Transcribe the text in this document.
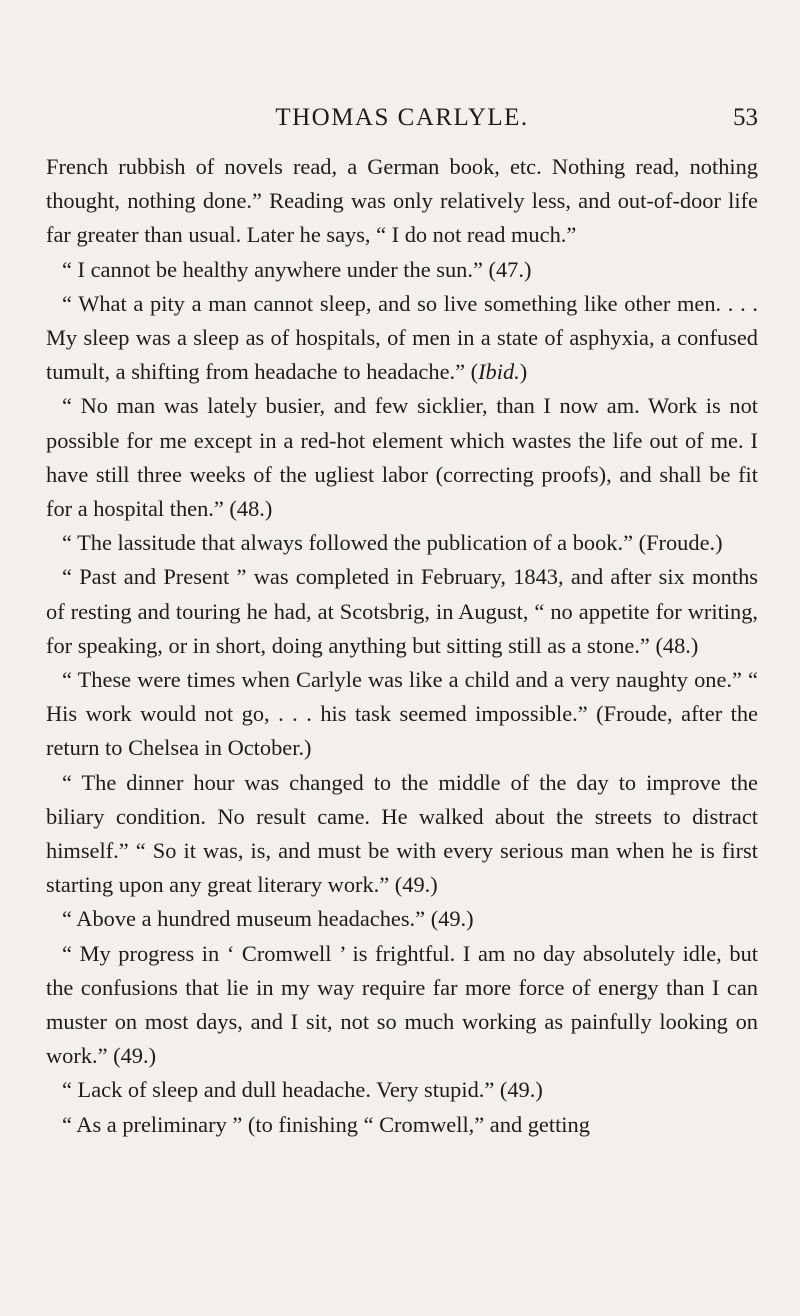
THOMAS CARLYLE.	53

French rubbish of novels read, a German book, etc. Nothing read, nothing thought, nothing done.” Reading was only relatively less, and out-of-door life far greater than usual. Later he says, “ I do not read much.”

“ I cannot be healthy anywhere under the sun.” (47.)

“ What a pity a man cannot sleep, and so live something like other men. . . . My sleep was a sleep as of hospitals, of men in a state of asphyxia, a confused tumult, a shifting from headache to headache.” (Ibid.)

“ No man was lately busier, and few sicklier, than I now am. Work is not possible for me except in a red-hot element which wastes the life out of me. I have still three weeks of the ugliest labor (correcting proofs), and shall be fit for a hospital then.” (48.)

“ The lassitude that always followed the publication of a book.” (Froude.)

“ Past and Present ” was completed in February, 1843, and after six months of resting and touring he had, at Scotsbrig, in August, “ no appetite for writing, for speaking, or in short, doing anything but sitting still as a stone.” (48.)

“ These were times when Carlyle was like a child and a very naughty one.” “ His work would not go, . . . his task seemed impossible.” (Froude, after the return to Chelsea in October.)

“ The dinner hour was changed to the middle of the day to improve the biliary condition. No result came. He walked about the streets to distract himself.” “ So it was, is, and must be with every serious man when he is first starting upon any great literary work.” (49.)

“ Above a hundred museum headaches.” (49.)

“ My progress in ‘ Cromwell ’ is frightful. I am no day absolutely idle, but the confusions that lie in my way require far more force of energy than I can muster on most days, and I sit, not so much working as painfully looking on work.” (49.)

“ Lack of sleep and dull headache. Very stupid.” (49.)

“ As a preliminary ” (to finishing “ Cromwell,” and getting
